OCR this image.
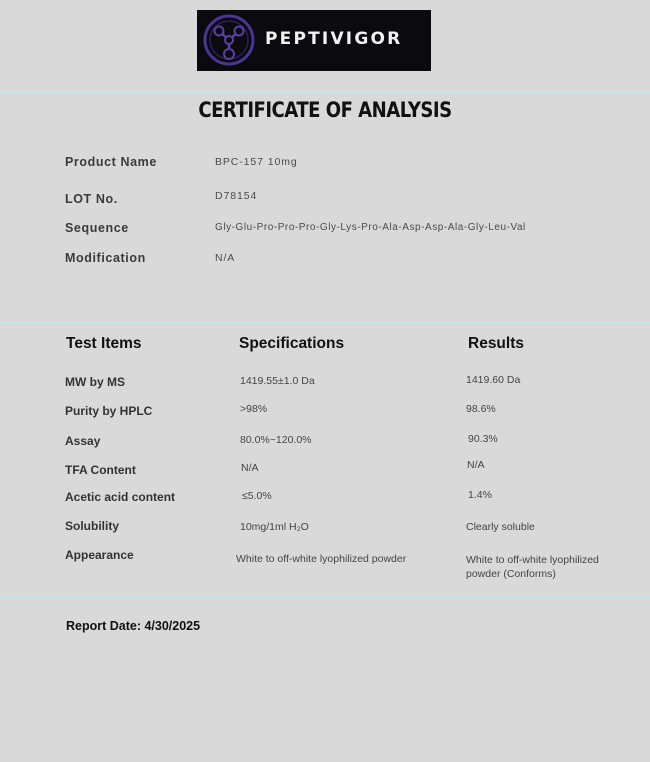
PEPTIVIGOR
CERTIFICATE OF ANALYSIS
Product Name	BPC-157 10mg
LOT No.	D78154
Sequence	Gly-Glu-Pro-Pro-Pro-Gly-Lys-Pro-Ala-Asp-Asp-Ala-Gly-Leu-Val
Modification	N/A
Test Items	Specifications	Results
MW by MS	1419.55±1.0 Da	1419.60 Da
Purity by HPLC	>98%	98.6%
Assay	80.0%~120.0%	90.3%
TFA Content	N/A	N/A
Acetic acid content	≤5.0%	1.4%
Solubility	10mg/1ml H₂O	Clearly soluble
Appearance	White to off-white lyophilized powder	White to off-white lyophilized powder (Conforms)
Report Date: 4/30/2025
